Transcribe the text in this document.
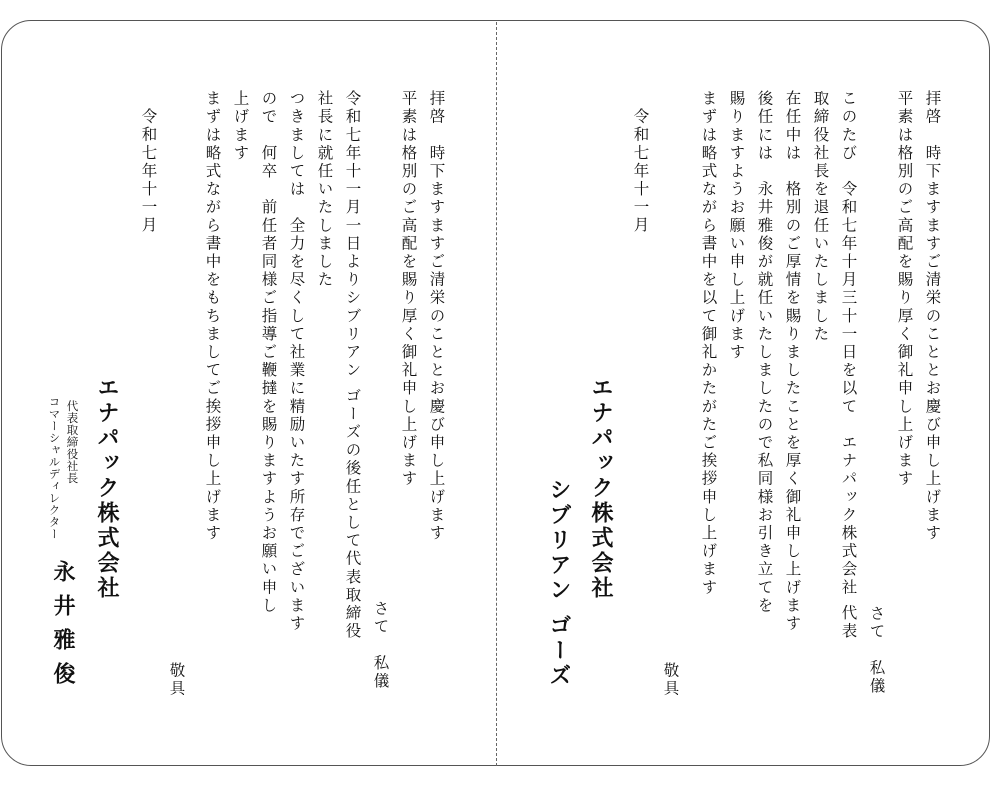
拝啓　時下ますますご清栄のこととお慶び申し上げます
平素は格別のご高配を賜り厚く御礼申し上げます
さて　私儀
このたび　令和七年十月三十一日を以て　エナパック株式会社 代表
取締役社長を退任いたしました
在任中は　格別のご厚情を賜りましたことを厚く御礼申し上げます
後任には　永井雅俊が就任いたしましたので私同様お引き立てを
賜りますようお願い申し上げます
まずは略式ながら書中を以て御礼かたがたご挨拶申し上げます
敬具
令和七年十一月
エナパック株式会社
シブリアン ゴーズ
拝啓　時下ますますご清栄のこととお慶び申し上げます
平素は格別のご高配を賜り厚く御礼申し上げます
さて　私儀
令和七年十一月一日よりシブリアン ゴーズの後任として代表取締役
社長に就任いたしました
つきましては　全力を尽くして社業に精励いたす所存でございます
ので　何卒　前任者同様ご指導ご鞭撻を賜りますようお願い申し
上げます
まずは略式ながら書中をもちましてご挨拶申し上げます
敬具
令和七年十一月
エナパック株式会社
代表取締役社長
コマーシャルディレクター
永井雅俊
